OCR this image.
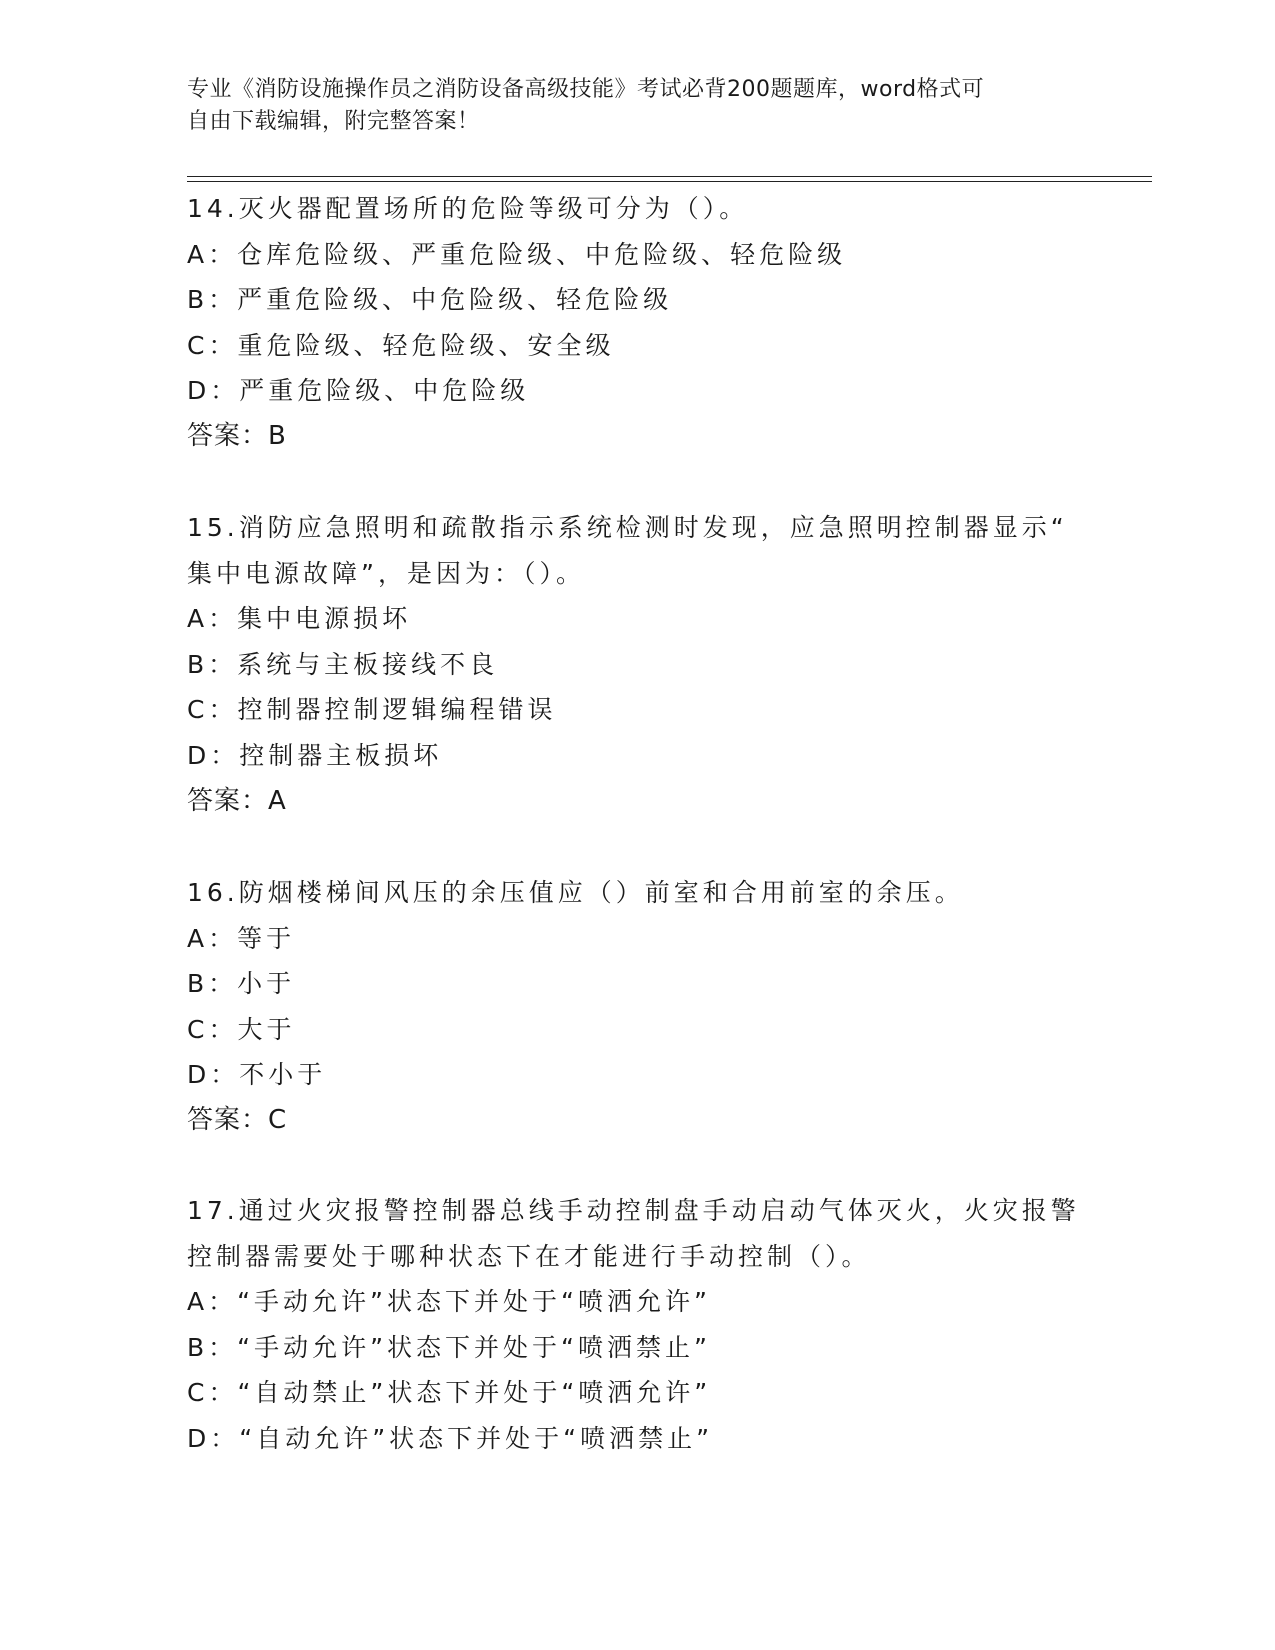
专业《消防设施操作员之消防设备高级技能》考试必背200题题库，word格式可
自由下载编辑，附完整答案！
14.灭火器配置场所的危险等级可分为（）。
A：仓库危险级、严重危险级、中危险级、轻危险级
B：严重危险级、中危险级、轻危险级
C：重危险级、轻危险级、安全级
D：严重危险级、中危险级
答案：B
15.消防应急照明和疏散指示系统检测时发现，应急照明控制器显示“
集中电源故障”，是因为：（）。
A：集中电源损坏
B：系统与主板接线不良
C：控制器控制逻辑编程错误
D：控制器主板损坏
答案：A
16.防烟楼梯间风压的余压值应（）前室和合用前室的余压。
A：等于
B：小于
C：大于
D：不小于
答案：C
17.通过火灾报警控制器总线手动控制盘手动启动气体灭火，火灾报警
控制器需要处于哪种状态下在才能进行手动控制（）。
A：“手动允许”状态下并处于“喷洒允许”
B：“手动允许”状态下并处于“喷洒禁止”
C：“自动禁止”状态下并处于“喷洒允许”
D：“自动允许”状态下并处于“喷洒禁止”
